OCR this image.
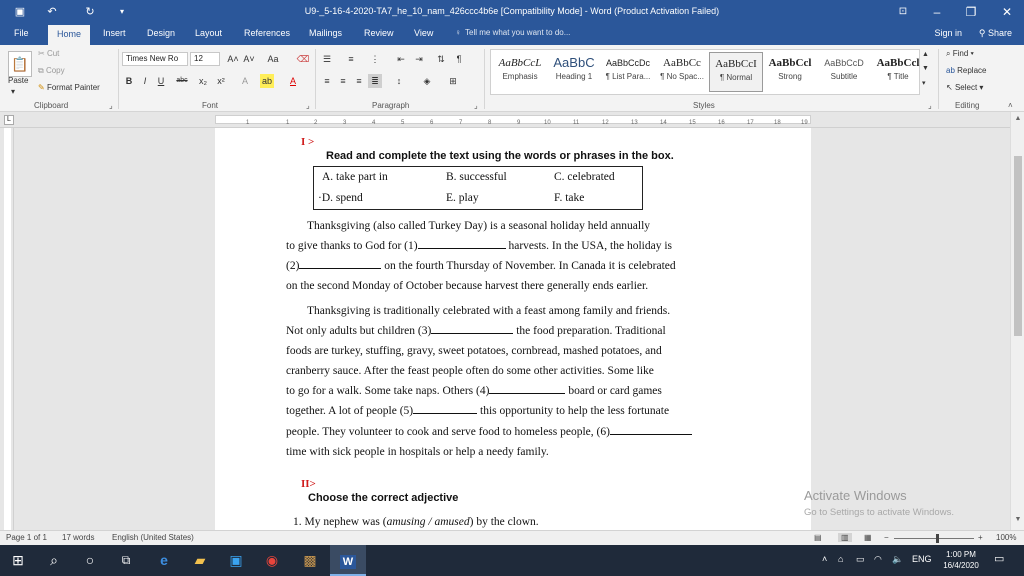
▣	↶	↻	▾	U9-_5-16-4-2020-TA7_he_10_nam_426ccc4b6e [Compatibility Mode] - Word (Product Activation Failed)	⊡	–	❐	✕
File	Home	Insert Design Layout References Mailings Review View	♀ Tell me what you want to do...	Sign in ⚲ Share
📋
Paste
▾
✂ Cut
⧉ Copy
✎ Format Painter
Clipboard	⌟
Times New Ro	12	A˄ A˅	Aa	⌫
B	I	U	abc	x₂	x²	A	ab	A
Font	⌟
☰	≡	⋮	⇤	⇥	⇅	¶
≡	≡	≡	≣	↕	◈	⊞
Paragraph	⌟
AaBbCcL
Emphasis
AaBbC
Heading 1
AaBbCcDc
¶ List Para...
AaBbCc
¶ No Spac...
AaBbCcI
¶ Normal
AaBbCcl
Strong
AaBbCcD
Subtitle
AaBbCcl
¶ Title
▲
▼
▾
Styles	⌟
⌕ Find ▾
ab Replace
↖ Select ▾
Editing	˄
L	1	1	2	3	4	5	6	7	8	9	10	11	12	13	14	15	16	17	18	19
I >
Read and complete the text using the words or phrases in the box.
A. take part in	B. successful	C. celebrated
·D. spend	E. play	F. take
Thanksgiving (also called Turkey Day) is a seasonal holiday held annually
to give thanks to God for (1)	harvests. In the USA, the holiday is
(2)	on the fourth Thursday of November. In Canada it is celebrated
on the second Monday of October because harvest there generally ends earlier.
Thanksgiving is traditionally celebrated with a feast among family and friends.
Not only adults but children (3)	the food preparation. Traditional
foods are turkey, stuffing, gravy, sweet potatoes, cornbread, mashed potatoes, and
cranberry sauce. After the feast people often do some other activities. Some like
to go for a walk. Some take naps. Others (4)	board or card games
together. A lot of people (5)	this opportunity to help the less fortunate
people. They volunteer to cook and serve food to homeless people, (6)
time with sick people in hospitals or help a needy family.
II>
Choose the correct adjective
1. My nephew was (amusing / amused) by the clown.
▲
▼
Activate Windows
Go to Settings to activate Windows.
Page 1 of 1 17 words English (United States)	▤	▥	▦ −	+ 100%
⊞	⌕	○	⧉	e	▰	▣	◉	▩	W	˄ ⌂ ▭ ◠ 🔈 ENG	1:00 PM
16/4/2020
▭
